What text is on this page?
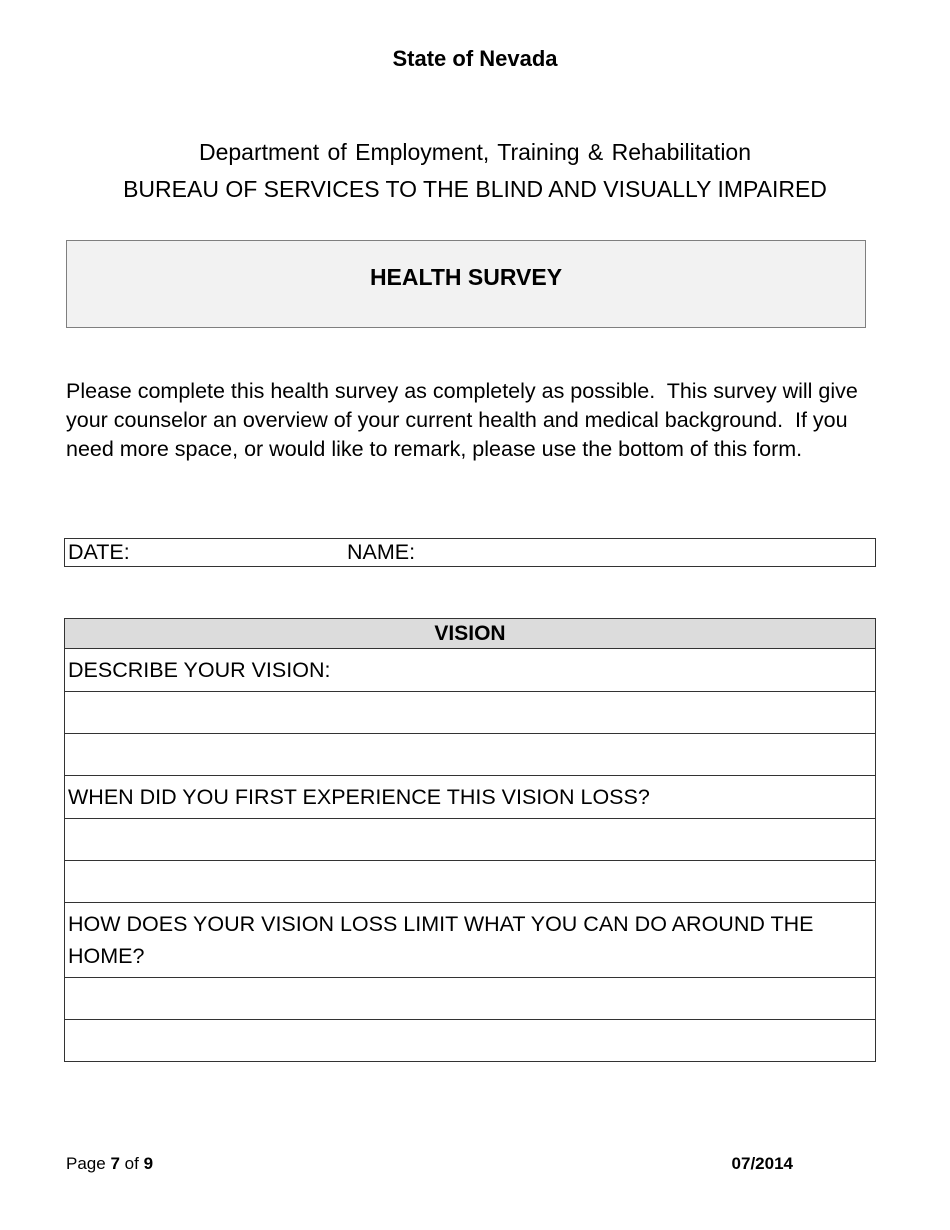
State of Nevada
Department of Employment, Training & Rehabilitation
BUREAU OF SERVICES TO THE BLIND AND VISUALLY IMPAIRED
HEALTH SURVEY
Please complete this health survey as completely as possible.  This survey will give your counselor an overview of your current health and medical background.  If you need more space, or would like to remark, please use the bottom of this form.
DATE:	NAME:
VISION
DESCRIBE YOUR VISION:

WHEN DID YOU FIRST EXPERIENCE THIS VISION LOSS?

HOW DOES YOUR VISION LOSS LIMIT WHAT YOU CAN DO AROUND THE HOME?

Page 7 of 9	07/2014
